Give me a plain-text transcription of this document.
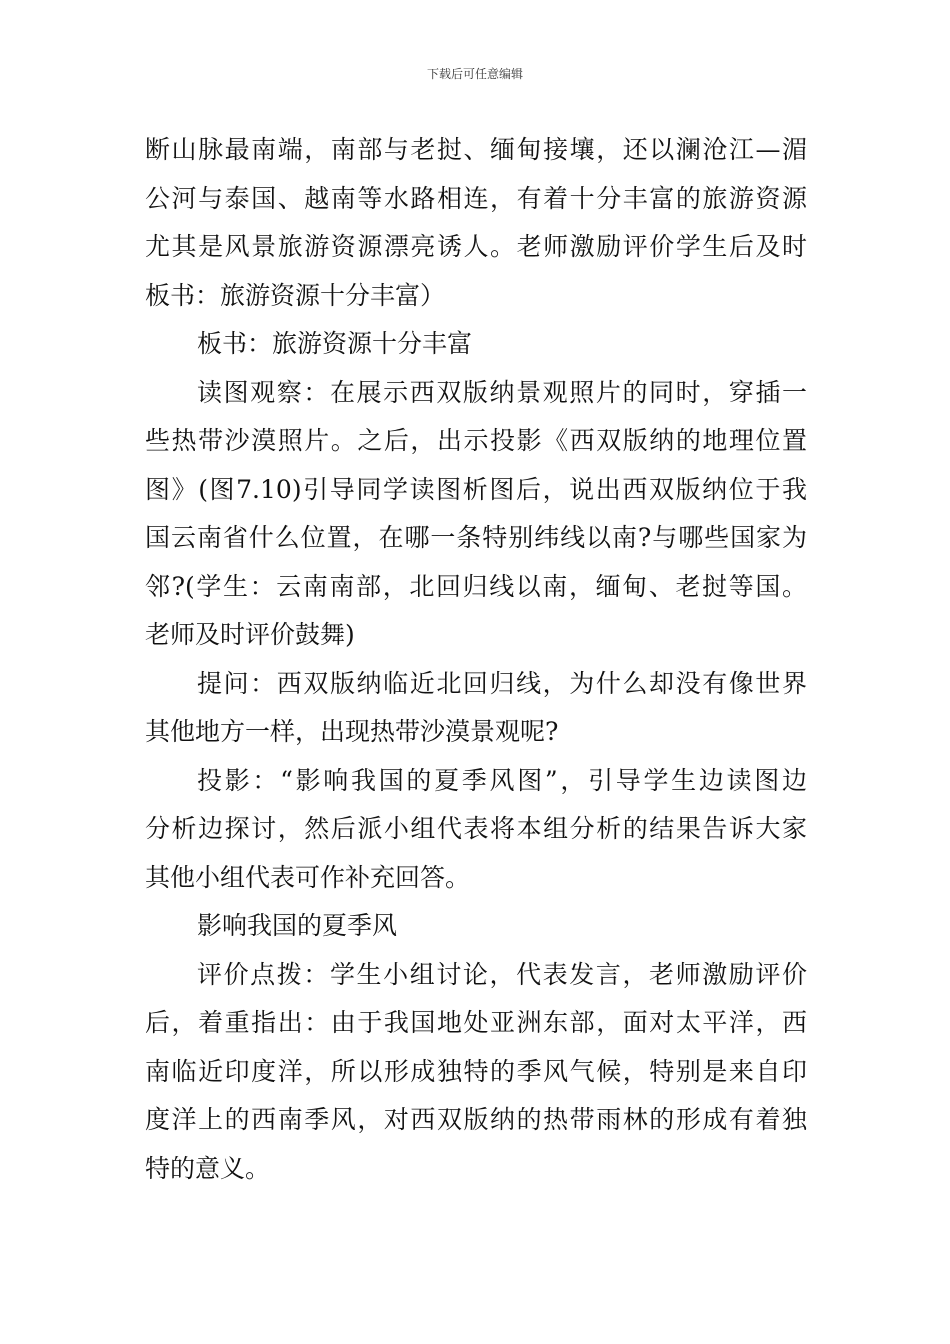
下载后可任意编辑
断山脉最南端，南部与老挝、缅甸接壤，还以澜沧江—湄
公河与泰国、越南等水路相连，有着十分丰富的旅游资源
尤其是风景旅游资源漂亮诱人。老师激励评价学生后及时
板书：旅游资源十分丰富）
板书：旅游资源十分丰富
读图观察：在展示西双版纳景观照片的同时，穿插一
些热带沙漠照片。之后，出示投影《西双版纳的地理位置
图》(图7.10)引导同学读图析图后，说出西双版纳位于我
国云南省什么位置，在哪一条特别纬线以南?与哪些国家为
邻?(学生：云南南部，北回归线以南，缅甸、老挝等国。
老师及时评价鼓舞)
提问：西双版纳临近北回归线，为什么却没有像世界
其他地方一样，出现热带沙漠景观呢?
投影：“影响我国的夏季风图”，引导学生边读图边
分析边探讨，然后派小组代表将本组分析的结果告诉大家
其他小组代表可作补充回答。
影响我国的夏季风
评价点拨：学生小组讨论，代表发言，老师激励评价
后，着重指出：由于我国地处亚洲东部，面对太平洋，西
南临近印度洋，所以形成独特的季风气候，特别是来自印
度洋上的西南季风，对西双版纳的热带雨林的形成有着独
特的意义。
